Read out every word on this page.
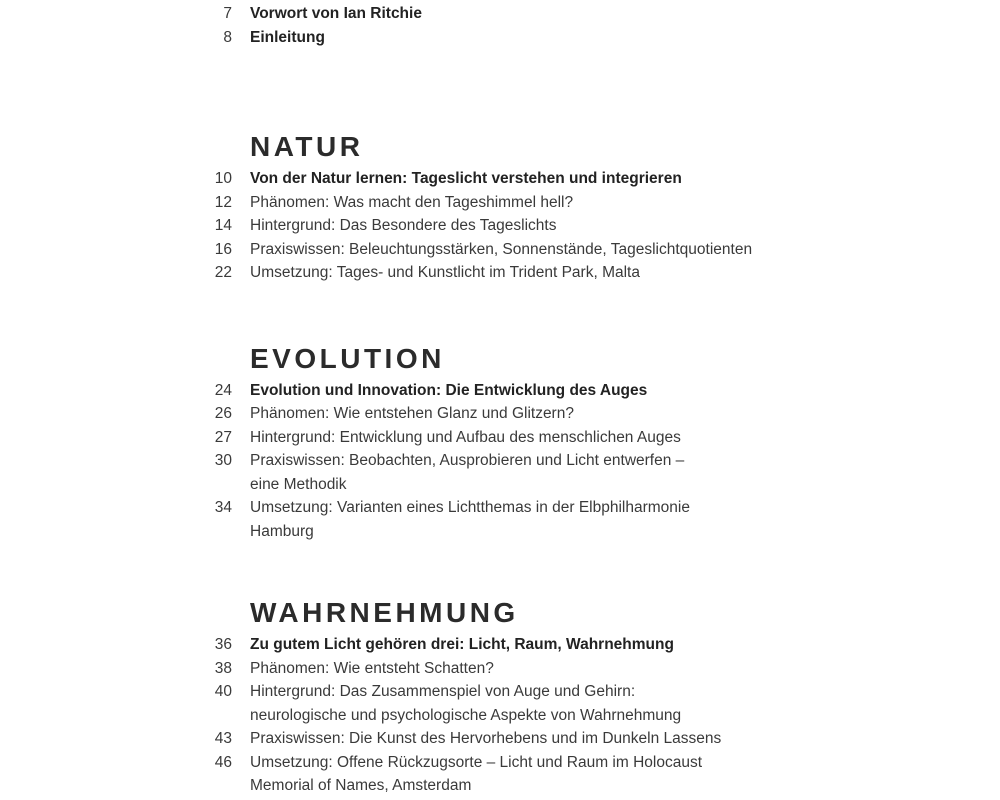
7 Vorwort von Ian Ritchie
8 Einleitung
NATUR
10 Von der Natur lernen: Tageslicht verstehen und integrieren
12 Phänomen: Was macht den Tageshimmel hell?
14 Hintergrund: Das Besondere des Tageslichts
16 Praxiswissen: Beleuchtungsstärken, Sonnenstände, Tageslichtquotienten
22 Umsetzung: Tages- und Kunstlicht im Trident Park, Malta
EVOLUTION
24 Evolution und Innovation: Die Entwicklung des Auges
26 Phänomen: Wie entstehen Glanz und Glitzern?
27 Hintergrund: Entwicklung und Aufbau des menschlichen Auges
30 Praxiswissen: Beobachten, Ausprobieren und Licht entwerfen –
eine Methodik
34 Umsetzung: Varianten eines Lichtthemas in der Elbphilharmonie
Hamburg
WAHRNEHMUNG
36 Zu gutem Licht gehören drei: Licht, Raum, Wahrnehmung
38 Phänomen: Wie entsteht Schatten?
40 Hintergrund: Das Zusammenspiel von Auge und Gehirn:
neurologische und psychologische Aspekte von Wahrnehmung
43 Praxiswissen: Die Kunst des Hervorhebens und im Dunkeln Lassens
46 Umsetzung: Offene Rückzugsorte – Licht und Raum im Holocaust
Memorial of Names, Amsterdam
